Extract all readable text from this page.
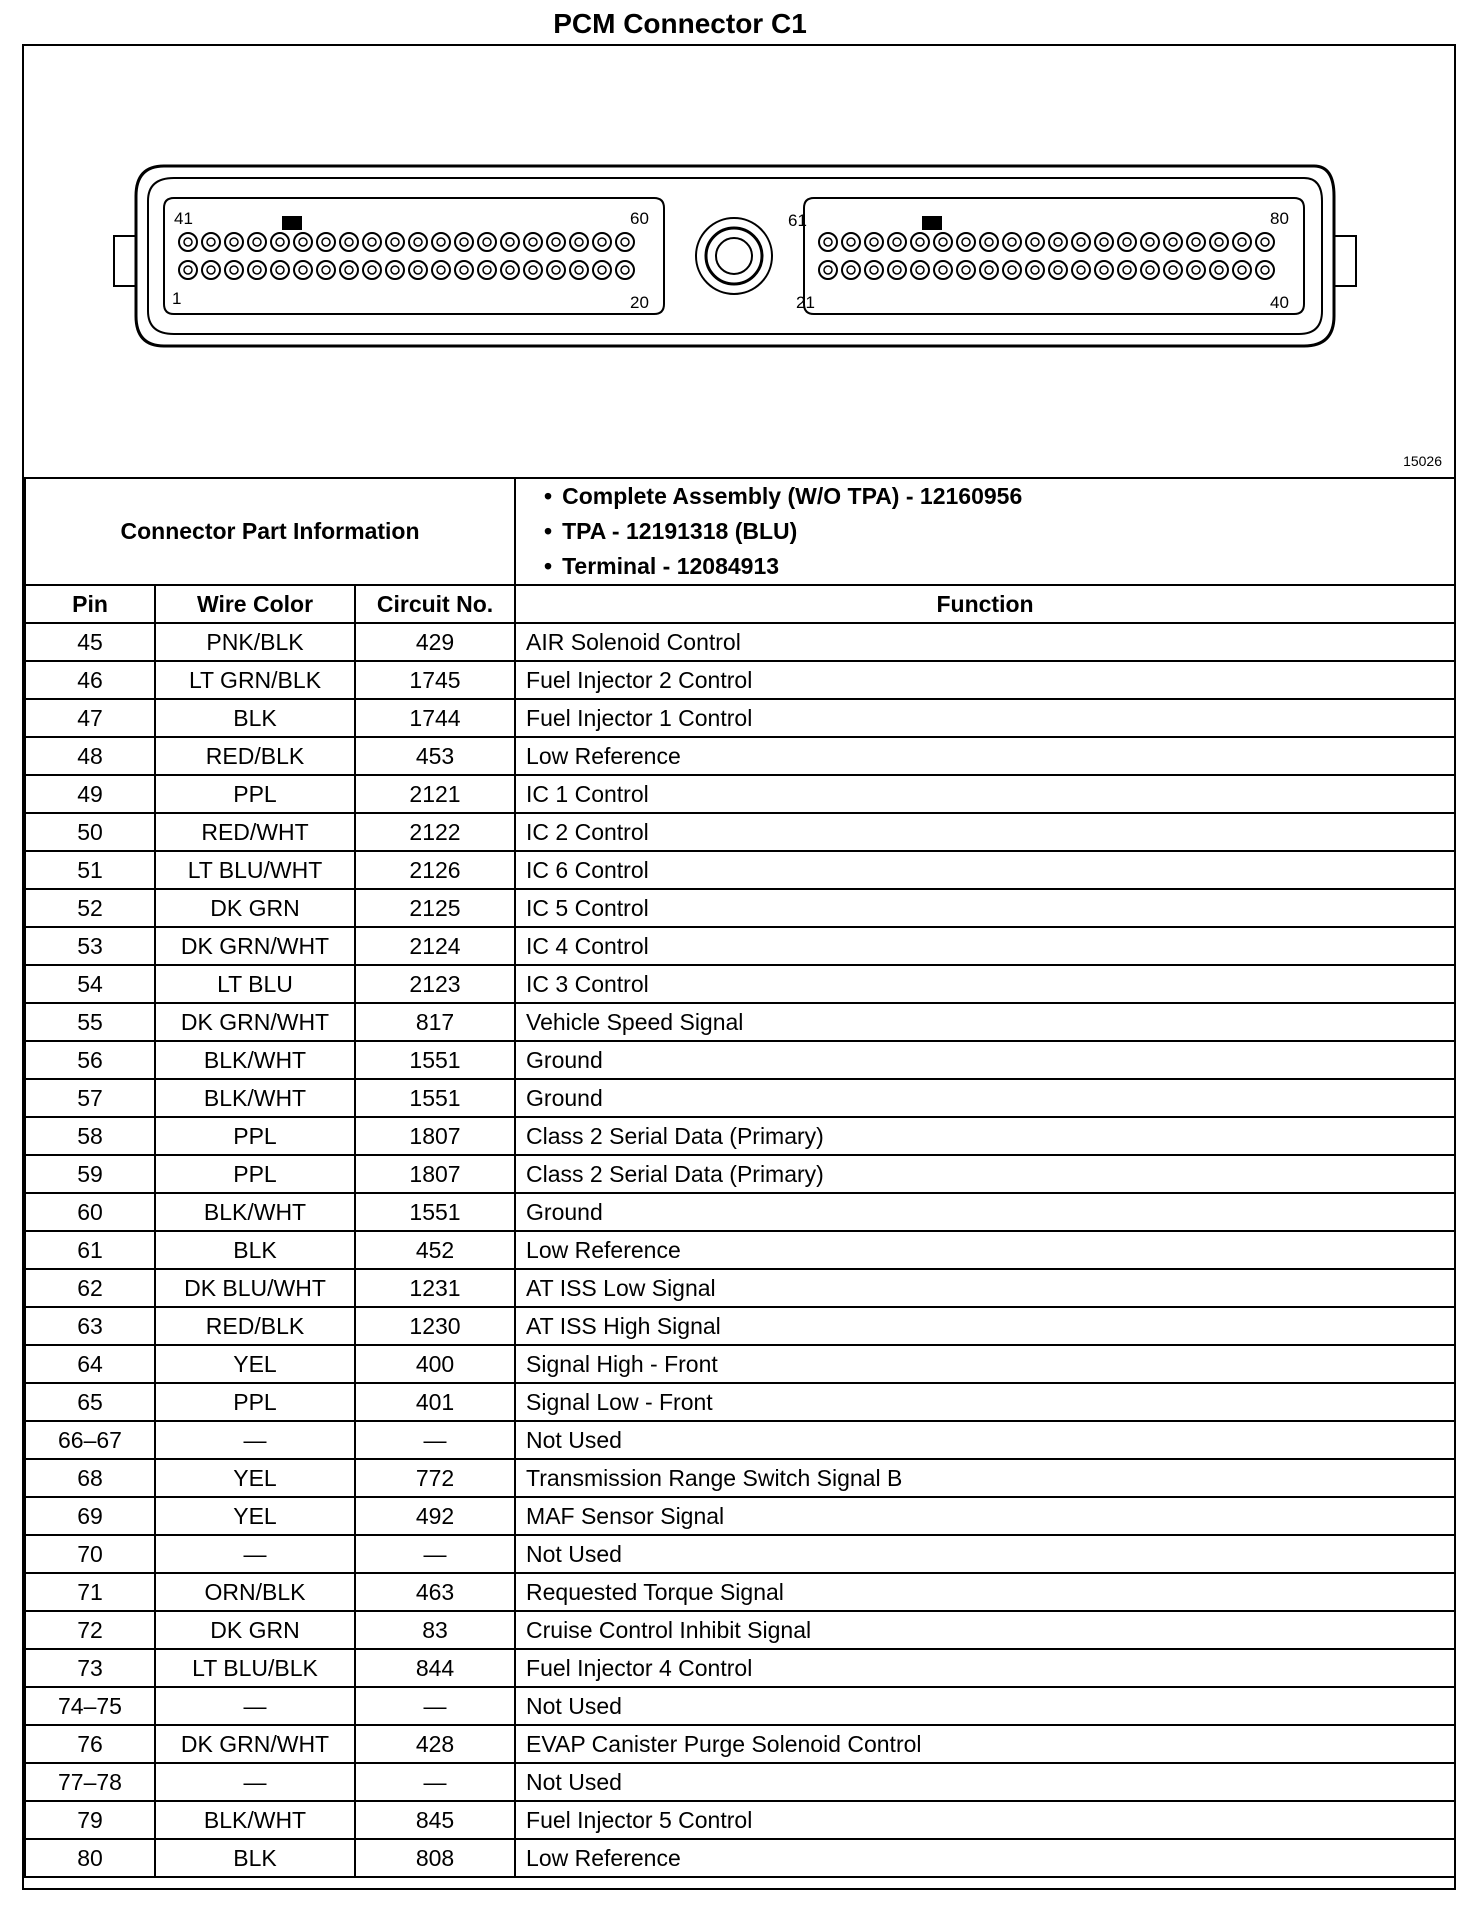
PCM Connector C1
41	60
1	20
61	80
21	40
15026
Connector Part Information			• Complete Assembly (W/O TPA) - 12160956
• TPA - 12191318 (BLU)
• Terminal - 12084913

Pin	Wire Color	Circuit No.	Function
45	PNK/BLK	429	AIR Solenoid Control
46	LT GRN/BLK	1745	Fuel Injector 2 Control
47	BLK	1744	Fuel Injector 1 Control
48	RED/BLK	453	Low Reference
49	PPL	2121	IC 1 Control
50	RED/WHT	2122	IC 2 Control
51	LT BLU/WHT	2126	IC 6 Control
52	DK GRN	2125	IC 5 Control
53	DK GRN/WHT	2124	IC 4 Control
54	LT BLU	2123	IC 3 Control
55	DK GRN/WHT	817	Vehicle Speed Signal
56	BLK/WHT	1551	Ground
57	BLK/WHT	1551	Ground
58	PPL	1807	Class 2 Serial Data (Primary)
59	PPL	1807	Class 2 Serial Data (Primary)
60	BLK/WHT	1551	Ground
61	BLK	452	Low Reference
62	DK BLU/WHT	1231	AT ISS Low Signal
63	RED/BLK	1230	AT ISS High Signal
64	YEL	400	Signal High - Front
65	PPL	401	Signal Low - Front
66–67	—	—	Not Used
68	YEL	772	Transmission Range Switch Signal B
69	YEL	492	MAF Sensor Signal
70	—	—	Not Used
71	ORN/BLK	463	Requested Torque Signal
72	DK GRN	83	Cruise Control Inhibit Signal
73	LT BLU/BLK	844	Fuel Injector 4 Control
74–75	—	—	Not Used
76	DK GRN/WHT	428	EVAP Canister Purge Solenoid Control
77–78	—	—	Not Used
79	BLK/WHT	845	Fuel Injector 5 Control
80	BLK	808	Low Reference
